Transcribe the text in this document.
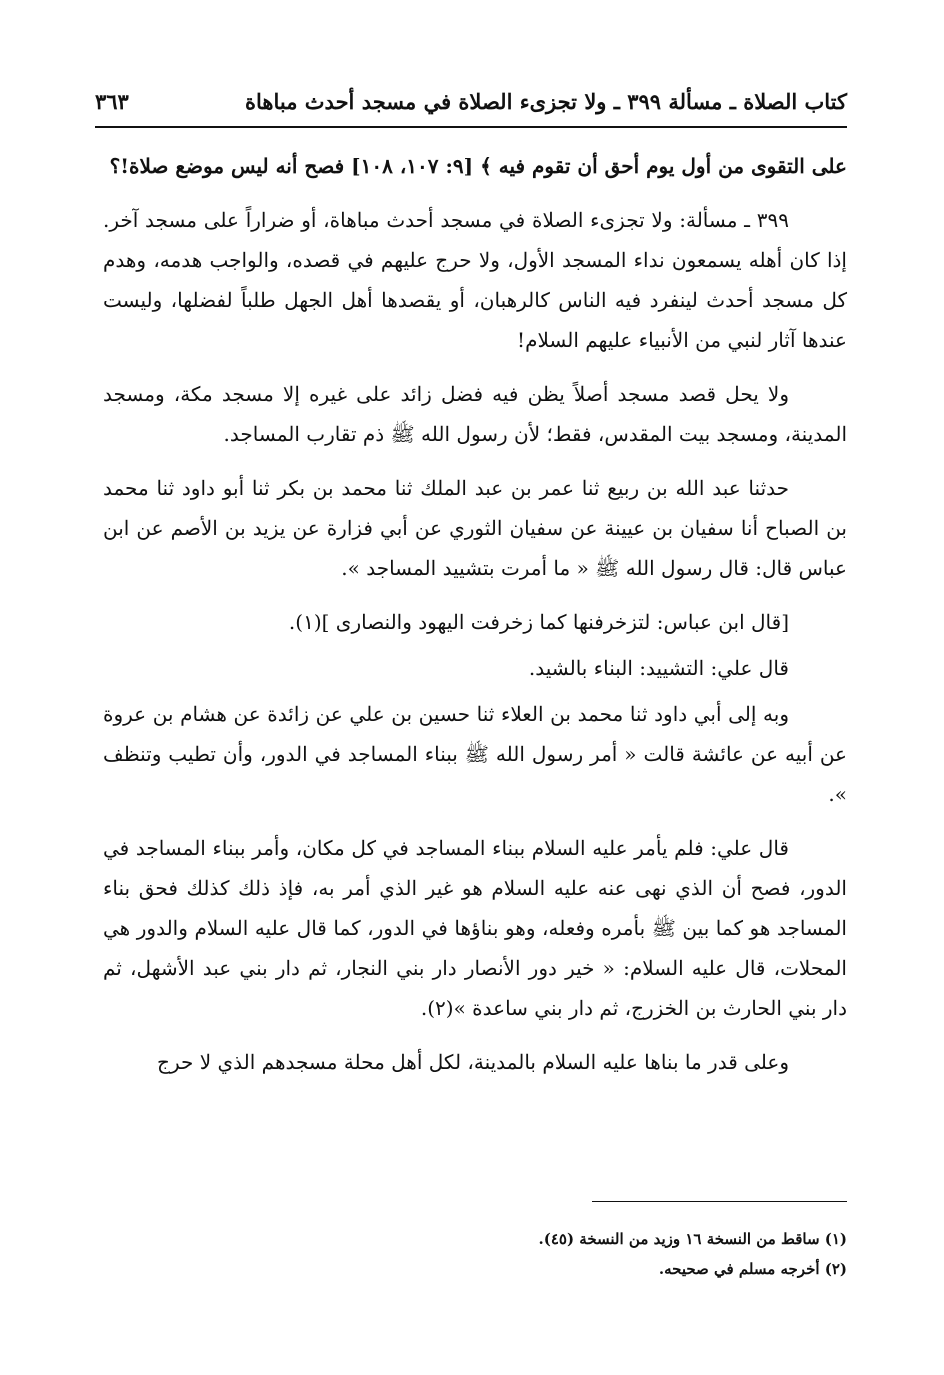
كتاب الصلاة ـ مسألة ٣٩٩ ـ ولا تجزىء الصلاة في مسجد أحدث مباهاة
٣٦٣

على التقوى من أول يوم أحق أن تقوم فيه ﴾ [٩: ١٠٧، ١٠٨] فصح أنه ليس موضع صلاة!؟

٣٩٩ ـ مسألة: ولا تجزىء الصلاة في مسجد أحدث مباهاة، أو ضراراً على مسجد آخر. إذا كان أهله يسمعون نداء المسجد الأول، ولا حرج عليهم في قصده، والواجب هدمه، وهدم كل مسجد أحدث لينفرد فيه الناس كالرهبان، أو يقصدها أهل الجهل طلباً لفضلها، وليست عندها آثار لنبي من الأنبياء عليهم السلام!

ولا يحل قصد مسجد أصلاً يظن فيه فضل زائد على غيره إلا مسجد مكة، ومسجد المدينة، ومسجد بيت المقدس، فقط؛ لأن رسول الله ﷺ ذم تقارب المساجد.

حدثنا عبد الله بن ربيع ثنا عمر بن عبد الملك ثنا محمد بن بكر ثنا أبو داود ثنا محمد بن الصباح أنا سفيان بن عيينة عن سفيان الثوري عن أبي فزارة عن يزيد بن الأصم عن ابن عباس قال: قال رسول الله ﷺ « ما أمرت بتشييد المساجد ».

[قال ابن عباس: لتزخرفنها كما زخرفت اليهود والنصارى ](١).

قال علي: التشييد: البناء بالشيد.

وبه إلى أبي داود ثنا محمد بن العلاء ثنا حسين بن علي عن زائدة عن هشام بن عروة عن أبيه عن عائشة قالت « أمر رسول الله ﷺ ببناء المساجد في الدور، وأن تطيب وتنظف ».

قال علي: فلم يأمر عليه السلام ببناء المساجد في كل مكان، وأمر ببناء المساجد في الدور، فصح أن الذي نهى عنه عليه السلام هو غير الذي أمر به، فإذ ذلك كذلك فحق بناء المساجد هو كما بين ﷺ بأمره وفعله، وهو بناؤها في الدور، كما قال عليه السلام والدور هي المحلات، قال عليه السلام: « خير دور الأنصار دار بني النجار، ثم دار بني عبد الأشهل، ثم دار بني الحارث بن الخزرج، ثم دار بني ساعدة »(٢).

وعلى قدر ما بناها عليه السلام بالمدينة، لكل أهل محلة مسجدهم الذي لا حرج

(١) ساقط من النسخة ١٦ وزيد من النسخة (٤٥).
(٢) أخرجه مسلم في صحيحه.
